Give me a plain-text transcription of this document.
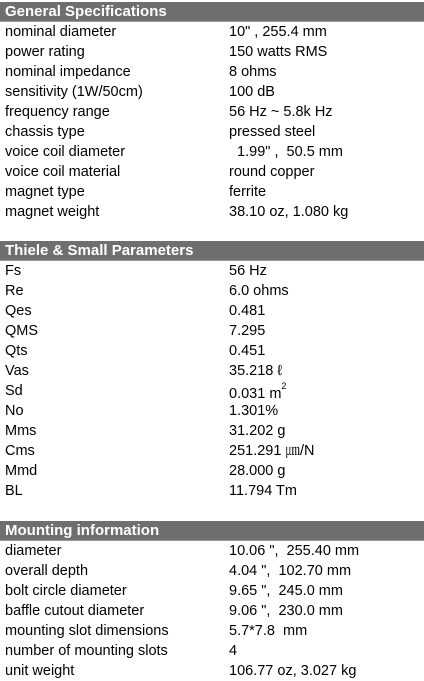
General Specifications
nominal diameter	10" , 255.4 mm
power rating	150 watts RMS
nominal impedance	8 ohms
sensitivity (1W/50cm)	100 dB
frequency range	56 Hz ~ 5.8k Hz
chassis type	pressed steel
voice coil diameter	1.99" ,  50.5 mm
voice coil material	round copper
magnet type	ferrite
magnet weight	38.10 oz, 1.080 kg
Thiele & Small Parameters
Fs	56 Hz
Re	6.0 ohms
Qes	0.481
QMS	7.295
Qts	0.451
Vas	35.218 ℓ
Sd	0.031 $m^2$
No	1.301%
Mms	31.202 g
Cms	251.291 ㎛/N
Mmd	28.000 g
BL	11.794 Tm
Mounting information
diameter	10.06 ",  255.40 mm
overall depth	4.04 ",  102.70 mm
bolt circle diameter	9.65 ",  245.0 mm
baffle cutout diameter	9.06 ",  230.0 mm
mounting slot dimensions	5.7*7.8  mm
number of mounting slots	4
unit weight	106.77 oz, 3.027 kg
